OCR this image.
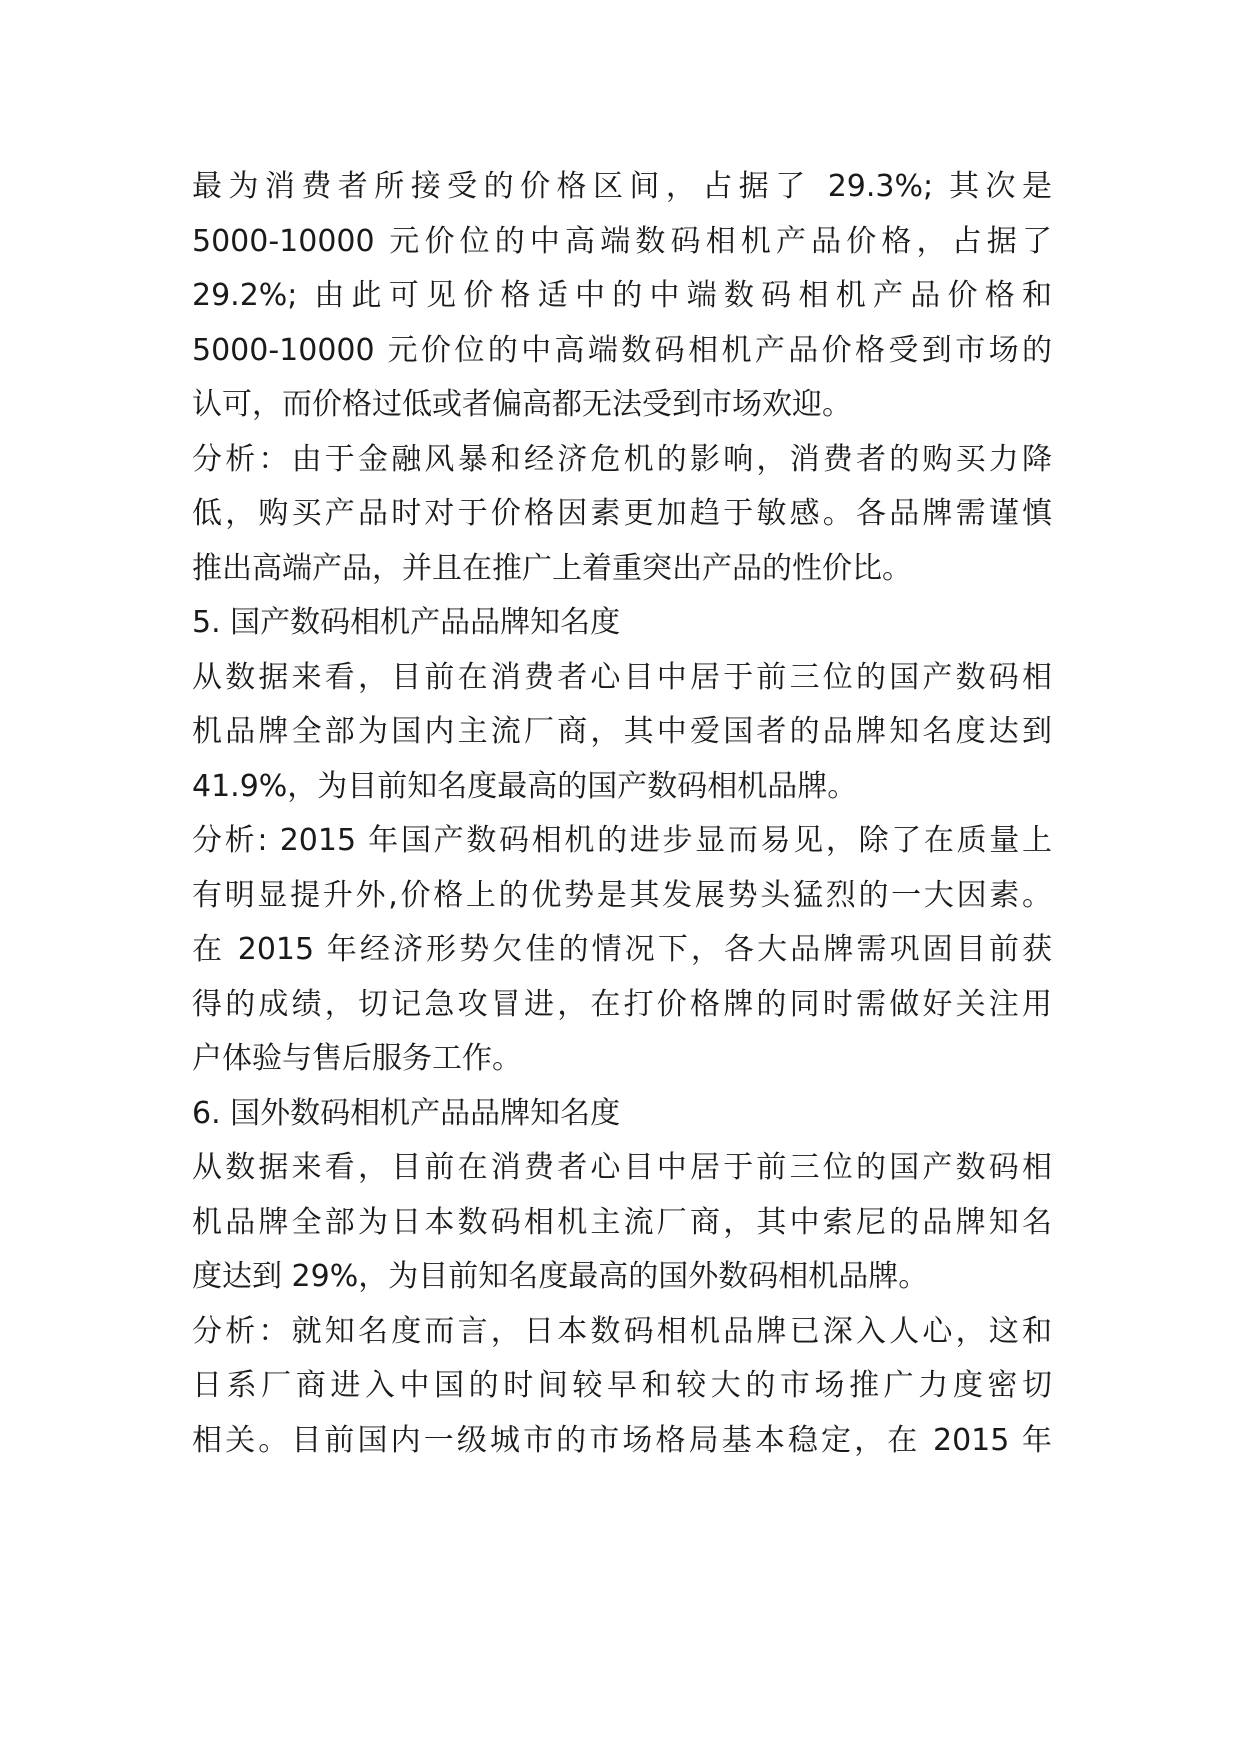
最为消费者所接受的价格区间，占据了 29.3%; 其次是
5000-10000 元价位的中高端数码相机产品价格，占据了
29.2%; 由此可见价格适中的中端数码相机产品价格和
5000-10000 元价位的中高端数码相机产品价格受到市场的
认可，而价格过低或者偏高都无法受到市场欢迎。
分析：由于金融风暴和经济危机的影响，消费者的购买力降
低，购买产品时对于价格因素更加趋于敏感。各品牌需谨慎
推出高端产品，并且在推广上着重突出产品的性价比。
5. 国产数码相机产品品牌知名度
从数据来看，目前在消费者心目中居于前三位的国产数码相
机品牌全部为国内主流厂商，其中爱国者的品牌知名度达到
41.9%，为目前知名度最高的国产数码相机品牌。
分析: 2015 年国产数码相机的进步显而易见，除了在质量上
有明显提升外,价格上的优势是其发展势头猛烈的一大因素。
在 2015 年经济形势欠佳的情况下，各大品牌需巩固目前获
得的成绩，切记急攻冒进，在打价格牌的同时需做好关注用
户体验与售后服务工作。
6. 国外数码相机产品品牌知名度
从数据来看，目前在消费者心目中居于前三位的国产数码相
机品牌全部为日本数码相机主流厂商，其中索尼的品牌知名
度达到 29%，为目前知名度最高的国外数码相机品牌。
分析：就知名度而言，日本数码相机品牌已深入人心，这和
日系厂商进入中国的时间较早和较大的市场推广力度密切
相关。目前国内一级城市的市场格局基本稳定，在 2015 年
